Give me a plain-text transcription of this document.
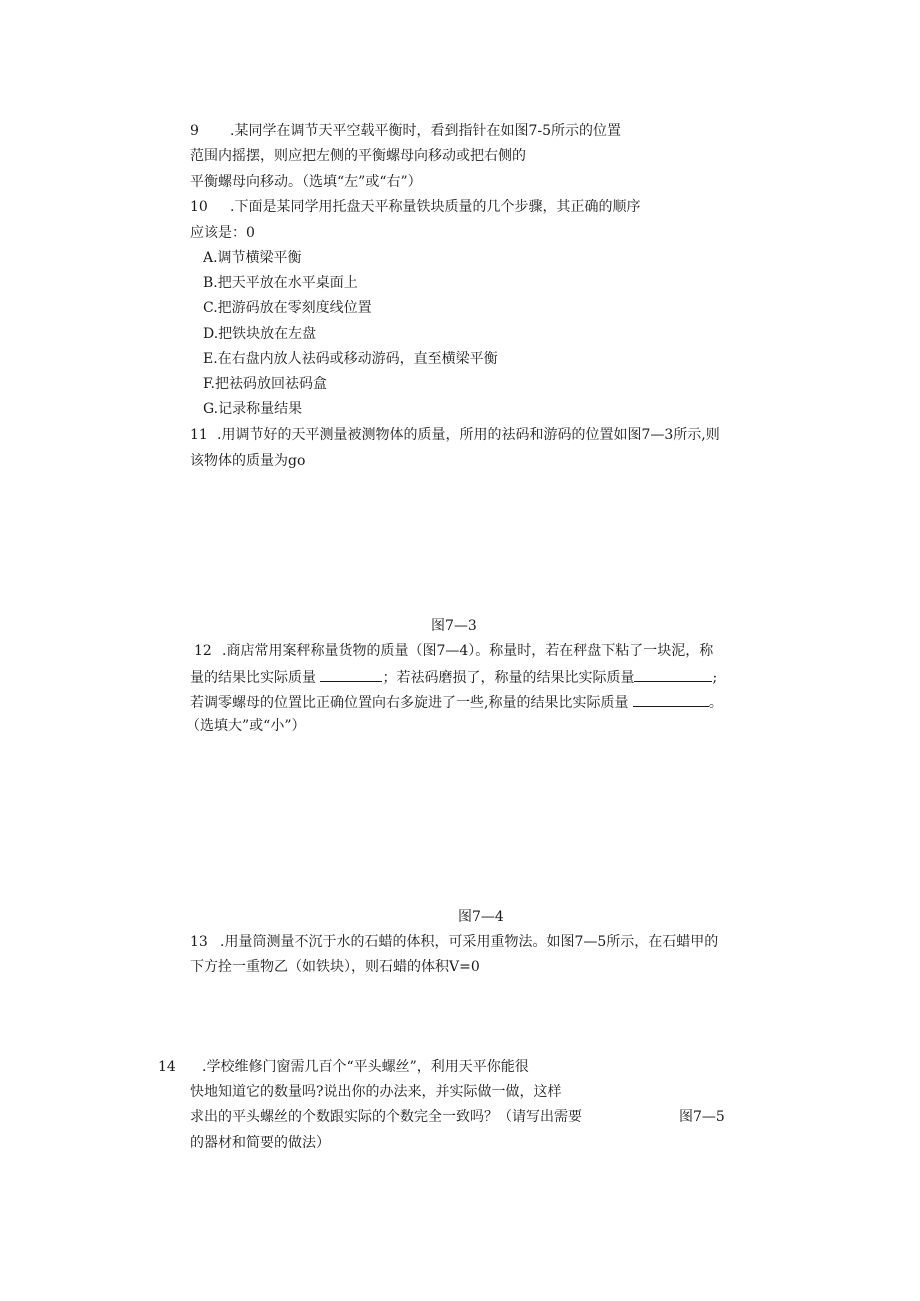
9 .某同学在调节天平空载平衡时，看到指针在如图7-5所示的位置
范围内摇摆，则应把左侧的平衡螺母向移动或把右侧的
平衡螺母向移动。（选填“左”或“右”）
10 .下面是某同学用托盘天平称量铁块质量的几个步骤，其正确的顺序
应该是：0
A.调节横梁平衡
B.把天平放在水平桌面上
C.把游码放在零刻度线位置
D.把铁块放在左盘
E.在右盘内放人祛码或移动游码，直至横梁平衡
F.把祛码放回祛码盒
G.记录称量结果
11 .用调节好的天平测量被测物体的质量，所用的祛码和游码的位置如图7—3所示,则
该物体的质量为go
图7—3
12 .商店常用案秤称量货物的质量（图7—4）。称量时，若在秤盘下粘了一块泥，称
量的结果比实际质量	；若祛码磨损了，称量的结果比实际质量	;
若调零螺母的位置比正确位置向右多旋进了一些,称量的结果比实际质量	。
（选填大”或“小”）
图7—4
13 .用量筒测量不沉于水的石蜡的体积，可采用重物法。如图7—5所示，在石蜡甲的
下方拴一重物乙（如铁块），则石蜡的体积V=0
14 .学校维修门窗需几百个“平头螺丝”，利用天平你能很
快地知道它的数量吗?说出你的办法来，并实际做一做，这样
求出的平头螺丝的个数跟实际的个数完全一致吗？（请写出需要	图7—5
的器材和简要的做法）
